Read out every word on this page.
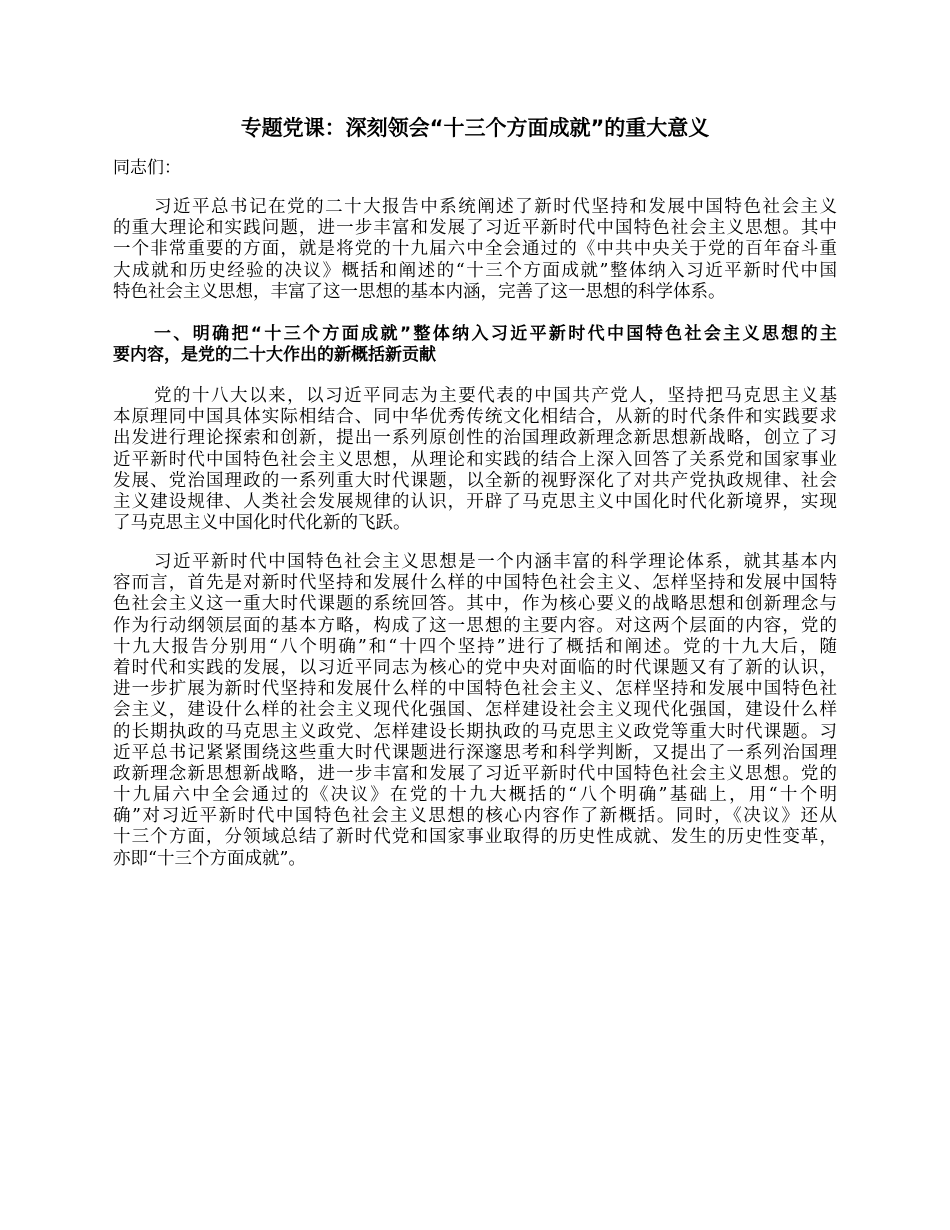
专题党课：深刻领会“十三个方面成就”的重大意义
同志们：
习近平总书记在党的二十大报告中系统阐述了新时代坚持和发展中国特色社会主义
的重大理论和实践问题，进一步丰富和发展了习近平新时代中国特色社会主义思想。其中
一个非常重要的方面，就是将党的十九届六中全会通过的《中共中央关于党的百年奋斗重
大成就和历史经验的决议》概括和阐述的“十三个方面成就”整体纳入习近平新时代中国
特色社会主义思想，丰富了这一思想的基本内涵，完善了这一思想的科学体系。
一、明确把“十三个方面成就”整体纳入习近平新时代中国特色社会主义思想的主
要内容，是党的二十大作出的新概括新贡献
党的十八大以来，以习近平同志为主要代表的中国共产党人，坚持把马克思主义基
本原理同中国具体实际相结合、同中华优秀传统文化相结合，从新的时代条件和实践要求
出发进行理论探索和创新，提出一系列原创性的治国理政新理念新思想新战略，创立了习
近平新时代中国特色社会主义思想，从理论和实践的结合上深入回答了关系党和国家事业
发展、党治国理政的一系列重大时代课题，以全新的视野深化了对共产党执政规律、社会
主义建设规律、人类社会发展规律的认识，开辟了马克思主义中国化时代化新境界，实现
了马克思主义中国化时代化新的飞跃。
习近平新时代中国特色社会主义思想是一个内涵丰富的科学理论体系，就其基本内
容而言，首先是对新时代坚持和发展什么样的中国特色社会主义、怎样坚持和发展中国特
色社会主义这一重大时代课题的系统回答。其中，作为核心要义的战略思想和创新理念与
作为行动纲领层面的基本方略，构成了这一思想的主要内容。对这两个层面的内容，党的
十九大报告分别用“八个明确”和“十四个坚持”进行了概括和阐述。党的十九大后，随
着时代和实践的发展，以习近平同志为核心的党中央对面临的时代课题又有了新的认识，
进一步扩展为新时代坚持和发展什么样的中国特色社会主义、怎样坚持和发展中国特色社
会主义，建设什么样的社会主义现代化强国、怎样建设社会主义现代化强国，建设什么样
的长期执政的马克思主义政党、怎样建设长期执政的马克思主义政党等重大时代课题。习
近平总书记紧紧围绕这些重大时代课题进行深邃思考和科学判断，又提出了一系列治国理
政新理念新思想新战略，进一步丰富和发展了习近平新时代中国特色社会主义思想。党的
十九届六中全会通过的《决议》在党的十九大概括的“八个明确”基础上，用“十个明
确”对习近平新时代中国特色社会主义思想的核心内容作了新概括。同时，《决议》还从
十三个方面，分领域总结了新时代党和国家事业取得的历史性成就、发生的历史性变革，
亦即“十三个方面成就”。
